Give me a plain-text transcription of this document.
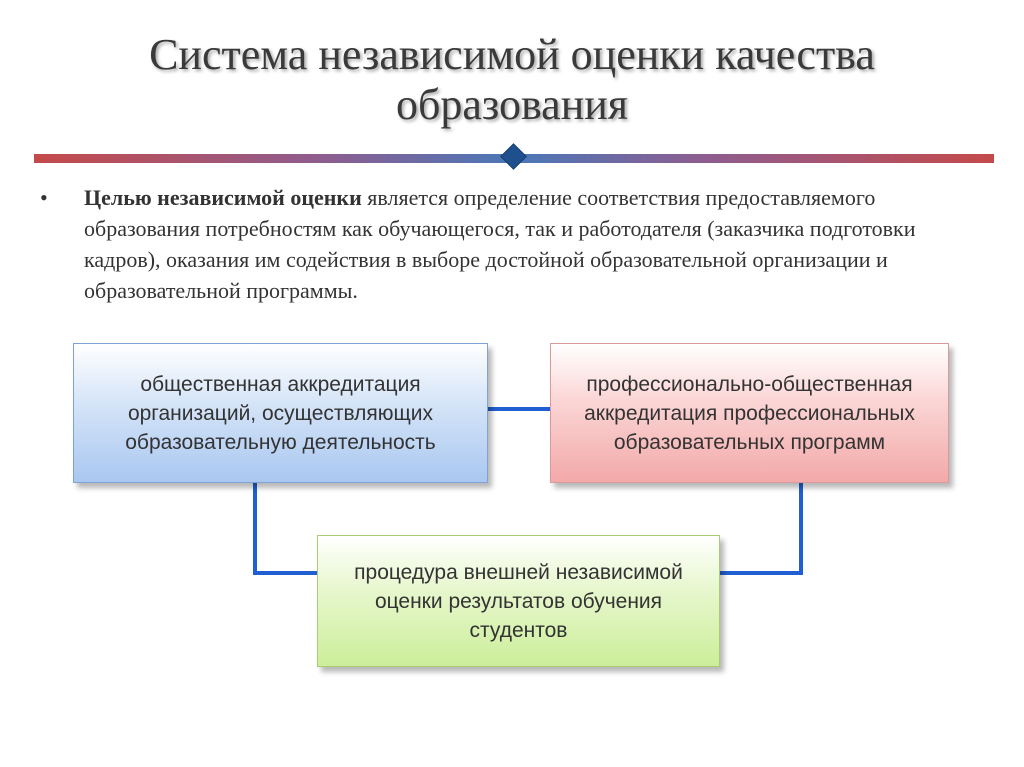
Система независимой оценки качества образования
• Целью независимой оценки является определение соответствия предоставляемого образования потребностям как обучающегося, так и работодателя (заказчика подготовки кадров), оказания им содействия в выборе достойной образовательной организации и образовательной программы.
общественная аккредитация организаций, осуществляющих образовательную деятельность
профессионально-общественная аккредитация профессиональных образовательных программ
процедура внешней независимой оценки результатов обучения студентов
